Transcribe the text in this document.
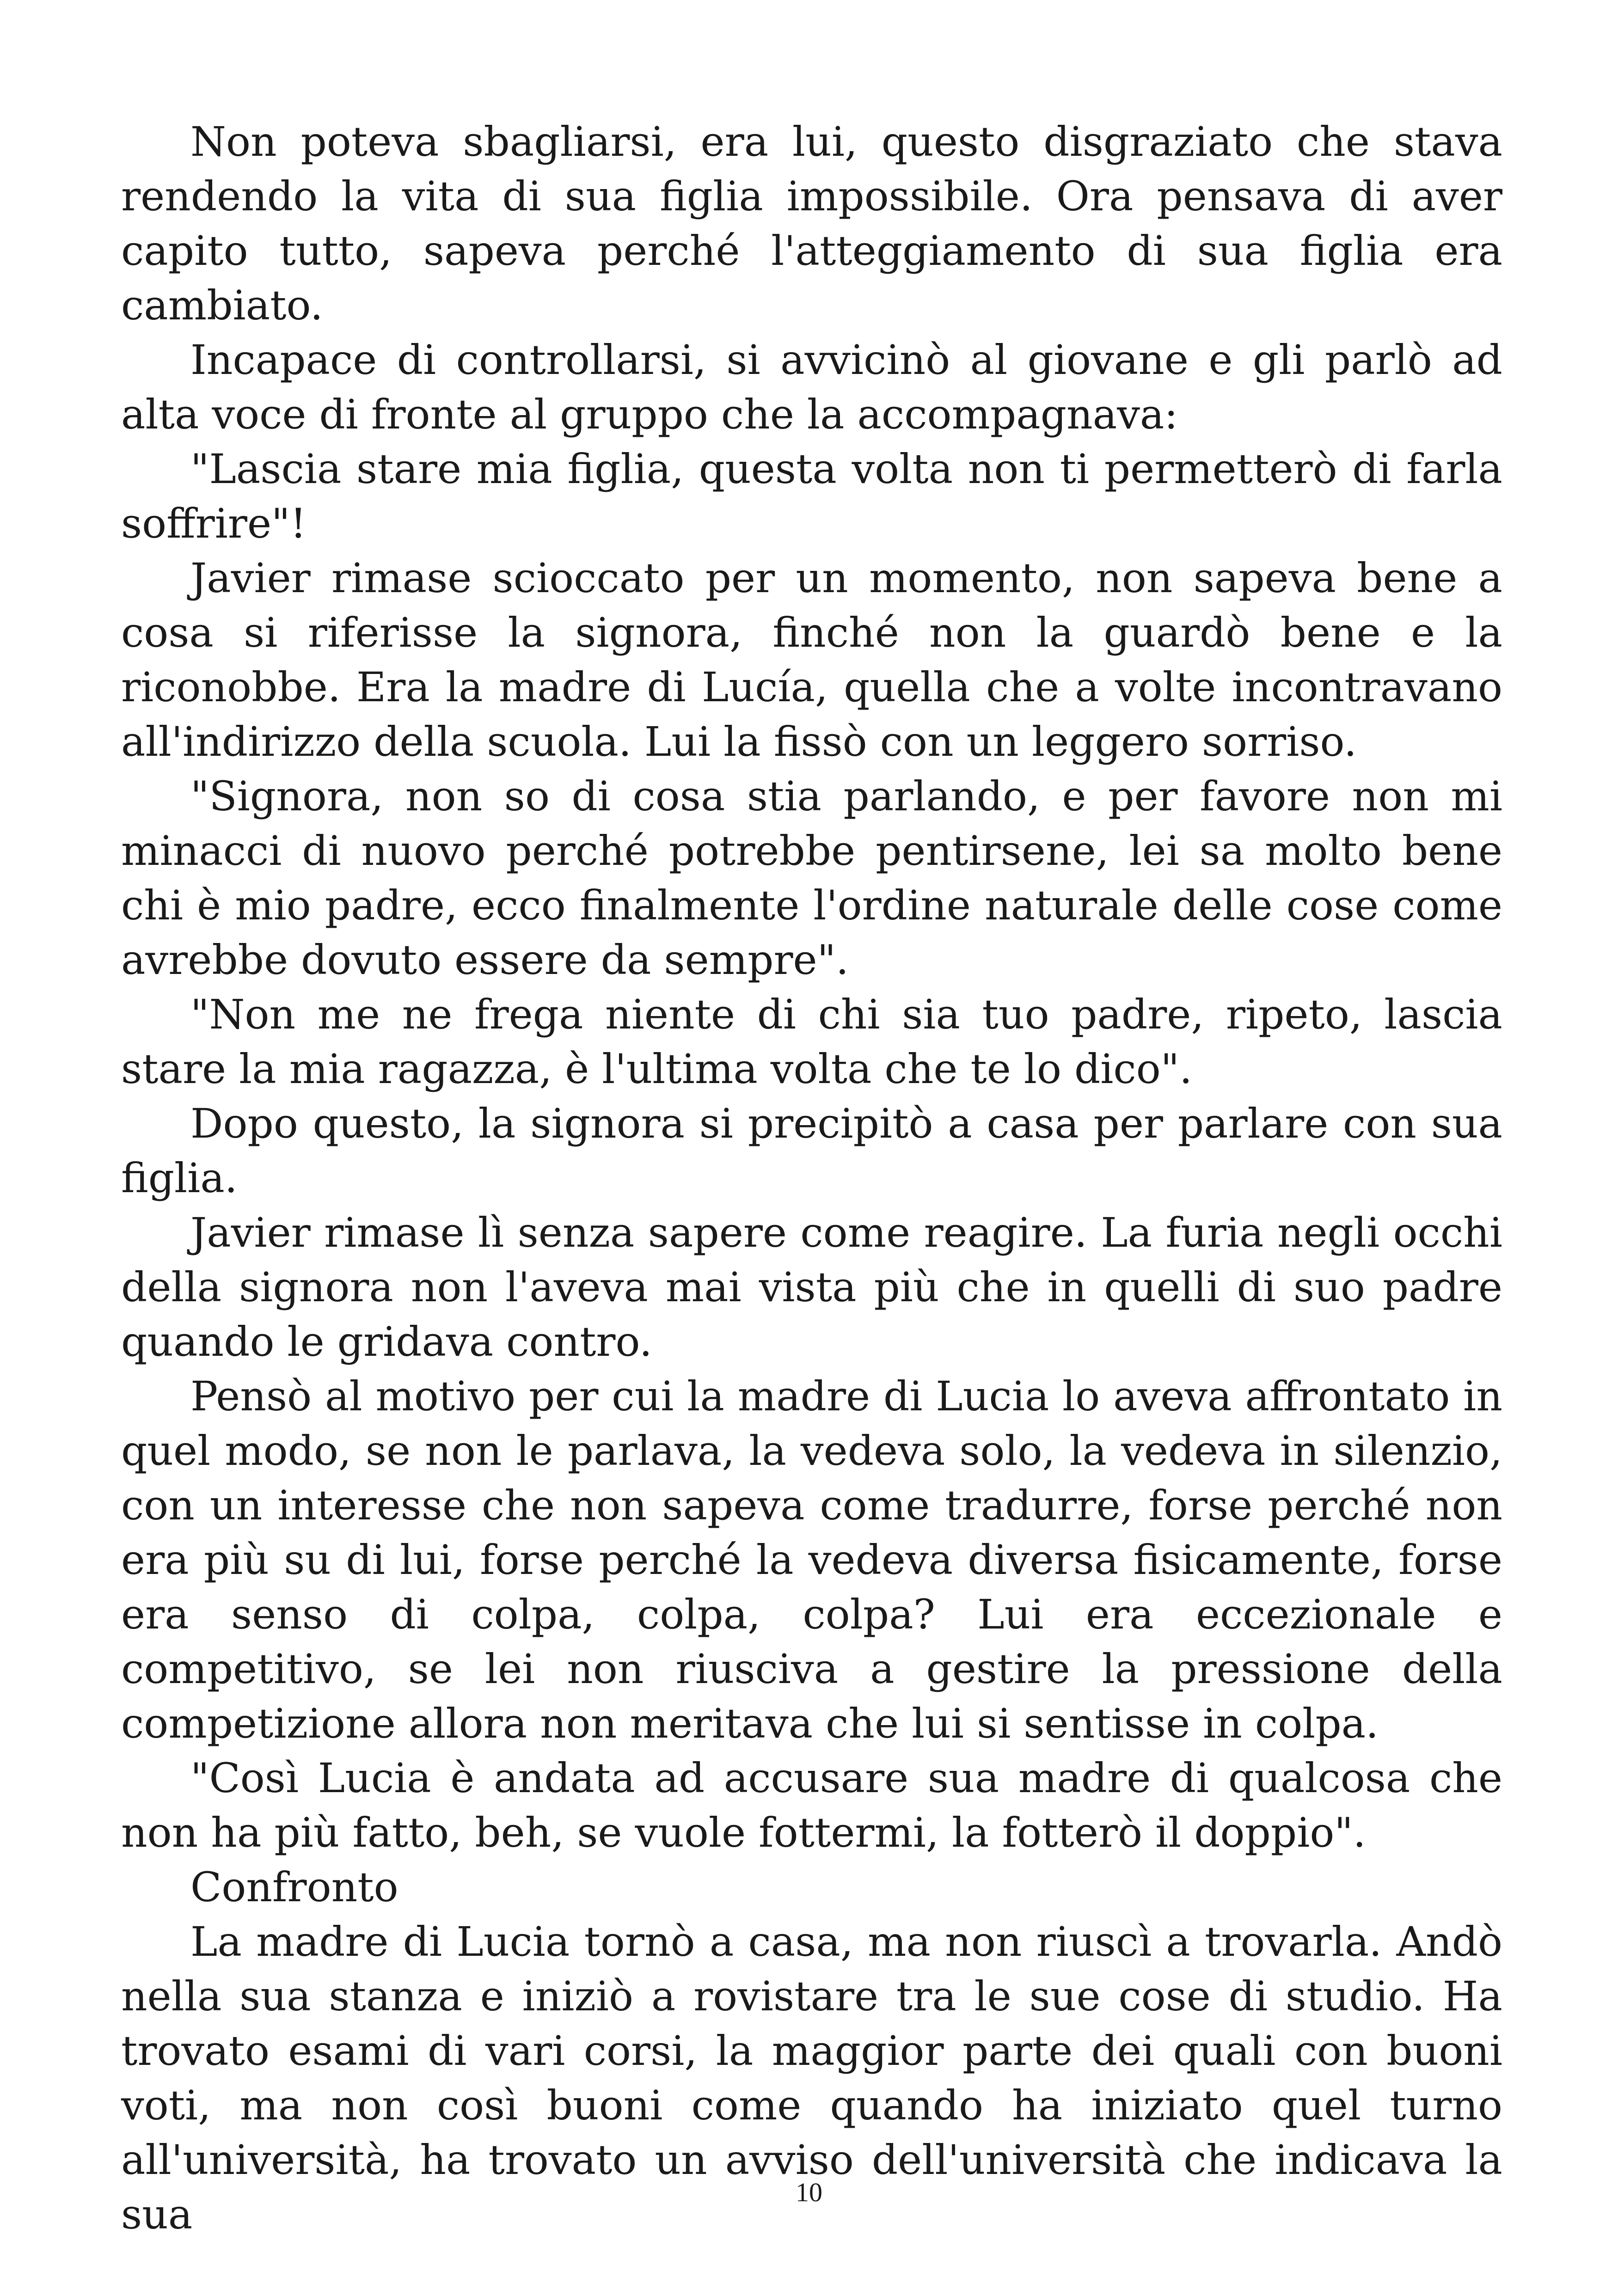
Non poteva sbagliarsi, era lui, questo disgraziato che stava rendendo la vita di sua figlia impossibile. Ora pensava di aver capito tutto, sapeva perché l'atteggiamento di sua figlia era cambiato.

Incapace di controllarsi, si avvicinò al giovane e gli parlò ad alta voce di fronte al gruppo che la accompagnava:

"Lascia stare mia figlia, questa volta non ti permetterò di farla soffrire"!

Javier rimase scioccato per un momento, non sapeva bene a cosa si riferisse la signora, finché non la guardò bene e la riconobbe. Era la madre di Lucía, quella che a volte incontravano all'indirizzo della scuola. Lui la fissò con un leggero sorriso.

"Signora, non so di cosa stia parlando, e per favore non mi minacci di nuovo perché potrebbe pentirsene, lei sa molto bene chi è mio padre, ecco finalmente l'ordine naturale delle cose come avrebbe dovuto essere da sempre".

"Non me ne frega niente di chi sia tuo padre, ripeto, lascia stare la mia ragazza, è l'ultima volta che te lo dico".

Dopo questo, la signora si precipitò a casa per parlare con sua figlia.

Javier rimase lì senza sapere come reagire. La furia negli occhi della signora non l'aveva mai vista più che in quelli di suo padre quando le gridava contro.

Pensò al motivo per cui la madre di Lucia lo aveva affrontato in quel modo, se non le parlava, la vedeva solo, la vedeva in silenzio, con un interesse che non sapeva come tradurre, forse perché non era più su di lui, forse perché la vedeva diversa fisicamente, forse era senso di colpa, colpa, colpa? Lui era eccezionale e competitivo, se lei non riusciva a gestire la pressione della competizione allora non meritava che lui si sentisse in colpa.

"Così Lucia è andata ad accusare sua madre di qualcosa che non ha più fatto, beh, se vuole fottermi, la fotterò il doppio".

Confronto

La madre di Lucia tornò a casa, ma non riuscì a trovarla. Andò nella sua stanza e iniziò a rovistare tra le sue cose di studio. Ha trovato esami di vari corsi, la maggior parte dei quali con buoni voti, ma non così buoni come quando ha iniziato quel turno all'università, ha trovato un avviso dell'università che indicava la sua	10
